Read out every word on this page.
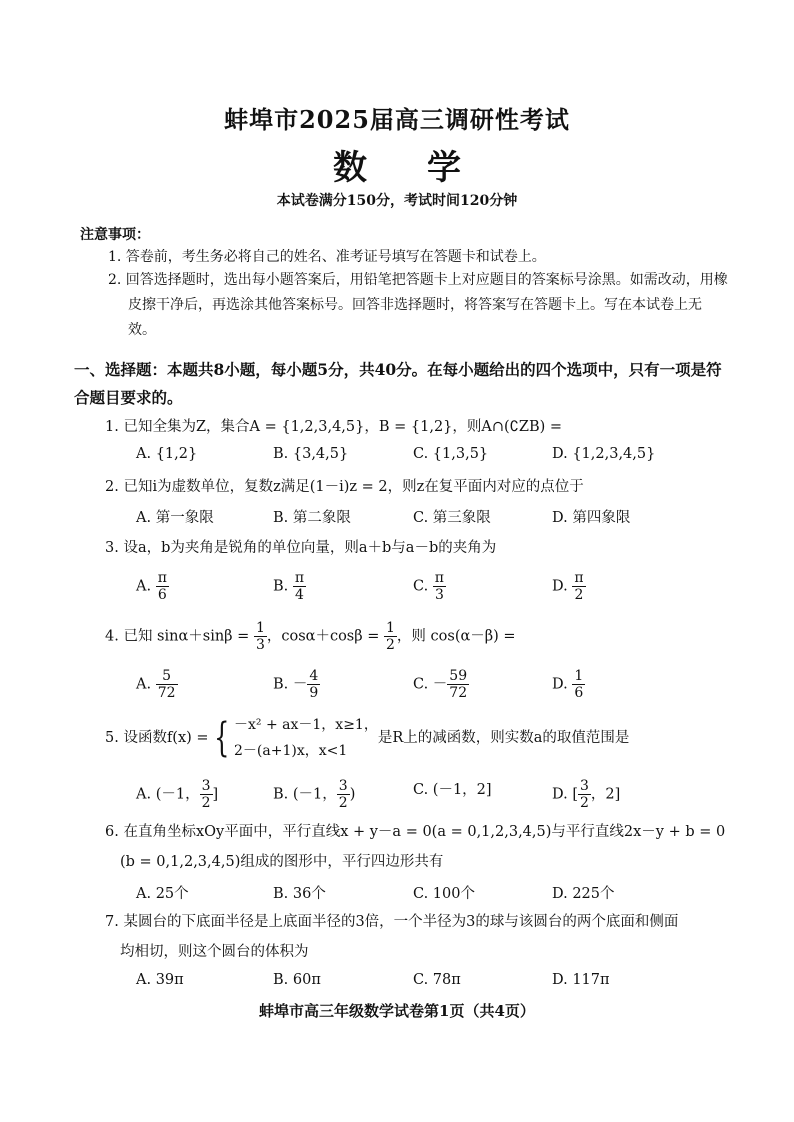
蚌埠市2025届高三调研性考试
数 学
本试卷满分150分，考试时间120分钟
注意事项：
1. 答卷前，考生务必将自己的姓名、准考证号填写在答题卡和试卷上。
2. 回答选择题时，选出每小题答案后，用铅笔把答题卡上对应题目的答案标号涂黑。如需改动，用橡皮擦干净后，再选涂其他答案标号。回答非选择题时，将答案写在答题卡上。写在本试卷上无效。
一、选择题：本题共8小题，每小题5分，共40分。在每小题给出的四个选项中，只有一项是符合题目要求的。
1. 已知全集为Z，集合A = {1,2,3,4,5}，B = {1,2}，则A∩(∁ZB) =
A. {1,2}	B. {3,4,5}	C. {1,3,5}	D. {1,2,3,4,5}
2. 已知i为虚数单位，复数z满足(1－i)z = 2，则z在复平面内对应的点位于
A. 第一象限	B. 第二象限	C. 第三象限	D. 第四象限
3. 设a，b为夹角是锐角的单位向量，则a＋b与a－b的夹角为
A. $\frac{\pi}{6}$	B. $\frac{\pi}{4}$	C. $\frac{\pi}{3}$	D. $\frac{\pi}{2}$
4. 已知 $\sin\alpha+\sin\beta = \frac{1}{3}$ ，$\cos\alpha+\cos\beta = \frac{1}{2}$ ，则 cos(α－β) =
A. $\frac{5}{72}$	B. － $\frac{4}{9}$	C. － $\frac{59}{72}$	D. $\frac{1}{6}$
5. 设函数f(x) = { －x² + ax－1，x≥1，
2－(a+1)x，x<1
是R上的减函数，则实数a的取值范围是
A. (－1， $\frac{3}{2}$ ]	B. (－1， $\frac{3}{2}$ )	C. (－1，2]	D. [ $\frac{3}{2}$ ，2]
6. 在直角坐标xOy平面中，平行直线x + y－a = 0(a = 0,1,2,3,4,5)与平行直线2x－y + b = 0
(b = 0,1,2,3,4,5)组成的图形中，平行四边形共有
A. 25个	B. 36个	C. 100个	D. 225个
7. 某圆台的下底面半径是上底面半径的3倍，一个半径为3的球与该圆台的两个底面和侧面
均相切，则这个圆台的体积为
A. 39π	B. 60π	C. 78π	D. 117π
蚌埠市高三年级数学试卷第1页（共4页）
